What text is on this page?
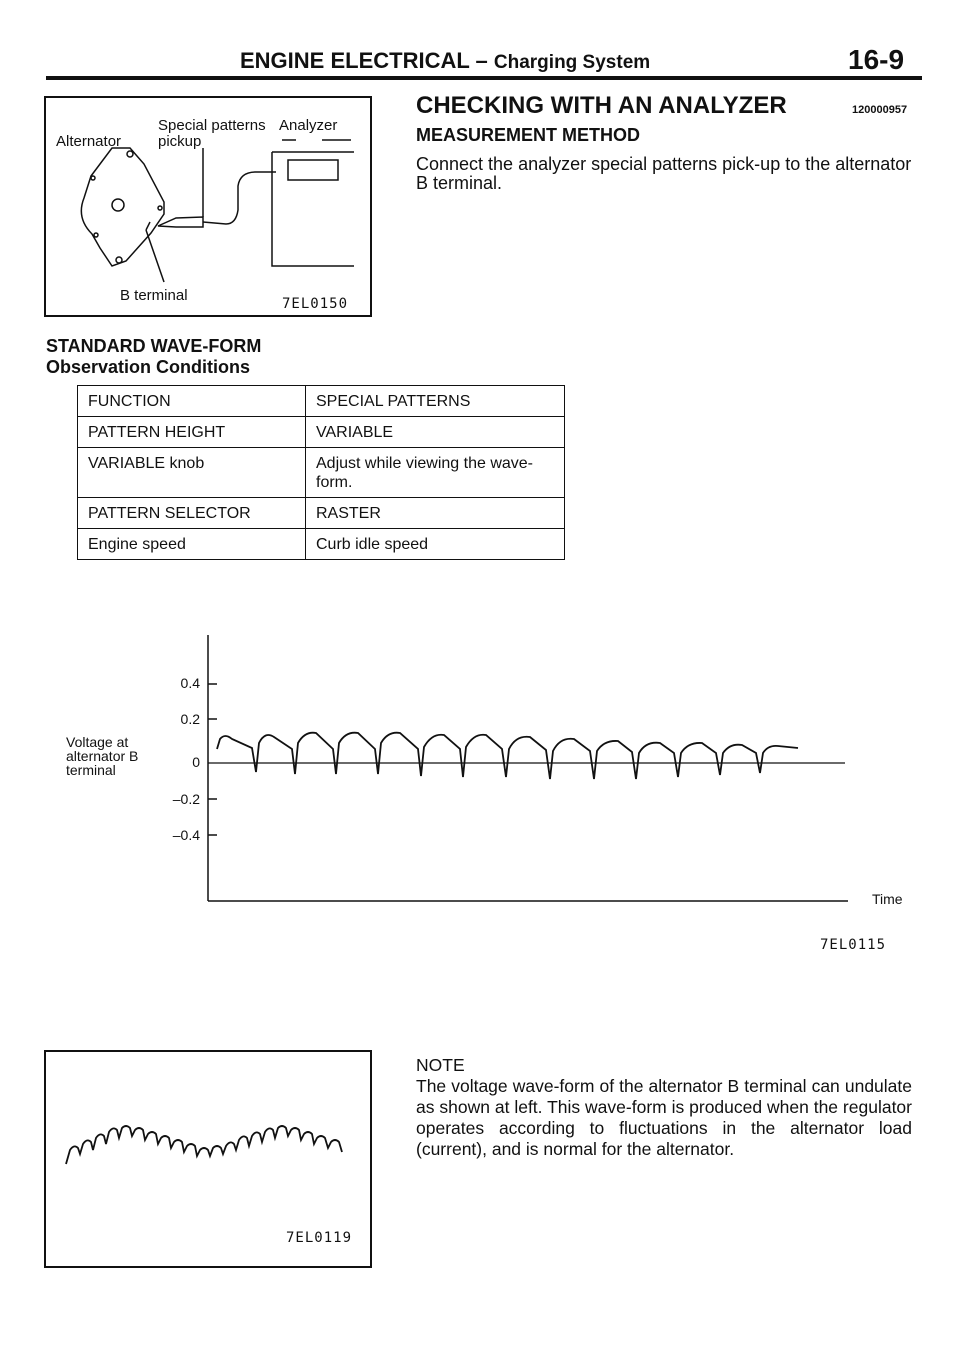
ENGINE ELECTRICAL – Charging System	16-9
Special patterns
pickup
Analyzer
Alternator
B terminal	7EL0150
CHECKING WITH AN ANALYZER	120000957
MEASUREMENT METHOD
Connect the analyzer special patterns pick-up to the alternator B terminal.
STANDARD WAVE-FORM
Observation Conditions
FUNCTION	SPECIAL PATTERNS
PATTERN HEIGHT	VARIABLE
VARIABLE knob	Adjust while viewing the wave-form.
PATTERN SELECTOR	RASTER
Engine speed	Curb idle speed
0.4
0.2
0
–0.2
–0.4
Voltage at alternator B terminal
Time
7EL0115
7EL0119
NOTE
The voltage wave-form of the alternator B terminal can undulate as shown at left. This wave-form is produced when the regulator operates according to fluctuations in the alternator load (current), and is normal for the alternator.
